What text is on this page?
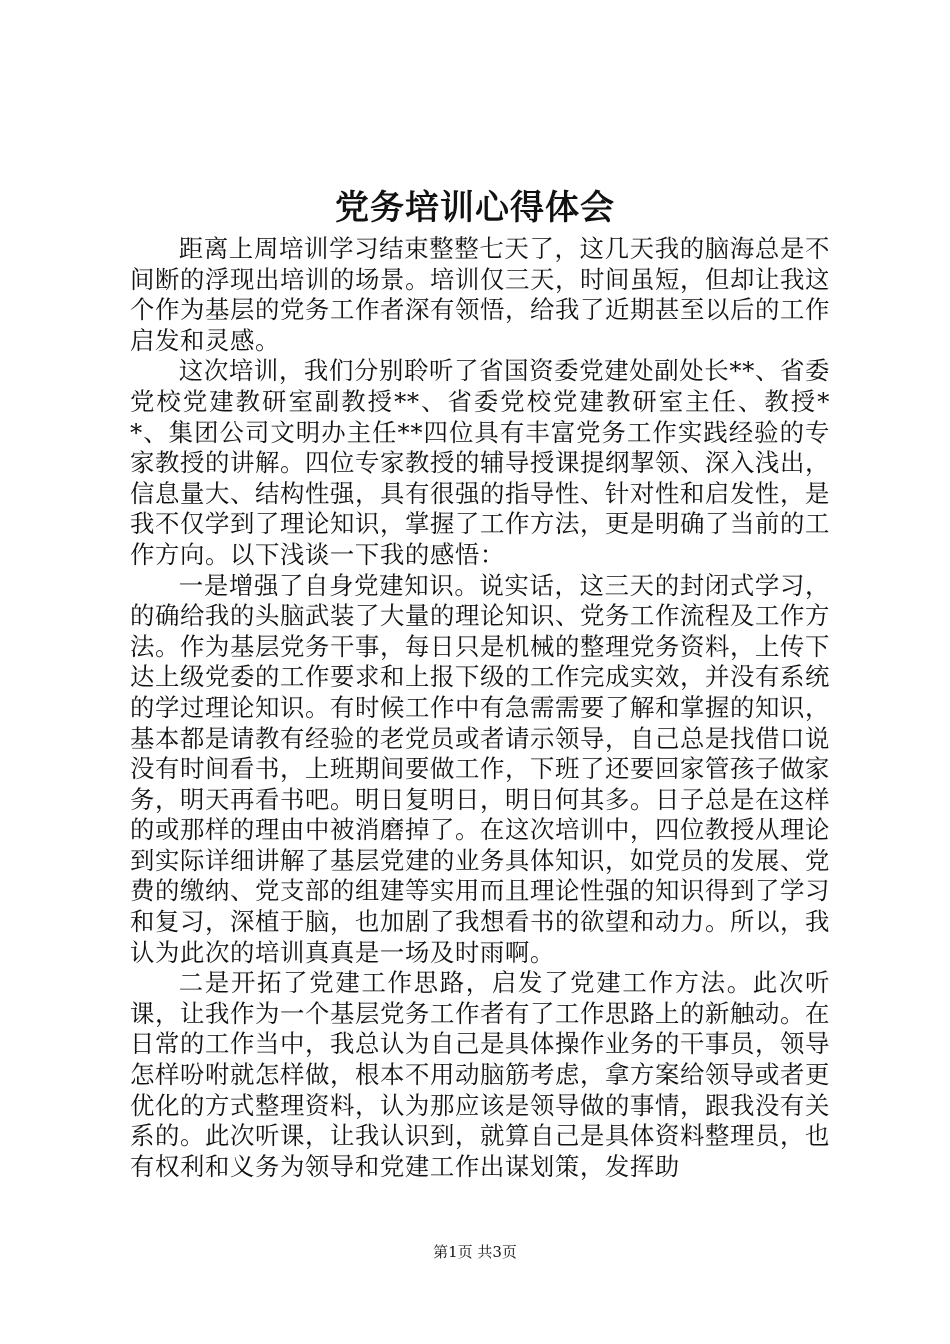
党务培训心得体会

距离上周培训学习结束整整七天了，这几天我的脑海总是不间断的浮现出培训的场景。培训仅三天，时间虽短，但却让我这个作为基层的党务工作者深有领悟，给我了近期甚至以后的工作启发和灵感。

这次培训，我们分别聆听了省国资委党建处副处长**、省委党校党建教研室副教授**、省委党校党建教研室主任、教授**、集团公司文明办主任**四位具有丰富党务工作实践经验的专家教授的讲解。四位专家教授的辅导授课提纲挈领、深入浅出，信息量大、结构性强，具有很强的指导性、针对性和启发性，是我不仅学到了理论知识，掌握了工作方法，更是明确了当前的工作方向。以下浅谈一下我的感悟：

一是增强了自身党建知识。说实话，这三天的封闭式学习，的确给我的头脑武装了大量的理论知识、党务工作流程及工作方法。作为基层党务干事，每日只是机械的整理党务资料，上传下达上级党委的工作要求和上报下级的工作完成实效，并没有系统的学过理论知识。有时候工作中有急需需要了解和掌握的知识，基本都是请教有经验的老党员或者请示领导，自己总是找借口说没有时间看书，上班期间要做工作，下班了还要回家管孩子做家务，明天再看书吧。明日复明日，明日何其多。日子总是在这样的或那样的理由中被消磨掉了。在这次培训中，四位教授从理论到实际详细讲解了基层党建的业务具体知识，如党员的发展、党费的缴纳、党支部的组建等实用而且理论性强的知识得到了学习和复习，深植于脑，也加剧了我想看书的欲望和动力。所以，我认为此次的培训真真是一场及时雨啊。

二是开拓了党建工作思路，启发了党建工作方法。此次听课，让我作为一个基层党务工作者有了工作思路上的新触动。在日常的工作当中，我总认为自己是具体操作业务的干事员，领导怎样吩咐就怎样做，根本不用动脑筋考虑，拿方案给领导或者更优化的方式整理资料，认为那应该是领导做的事情，跟我没有关系的。此次听课，让我认识到，就算自己是具体资料整理员，也有权利和义务为领导和党建工作出谋划策，发挥助

第1页 共3页
